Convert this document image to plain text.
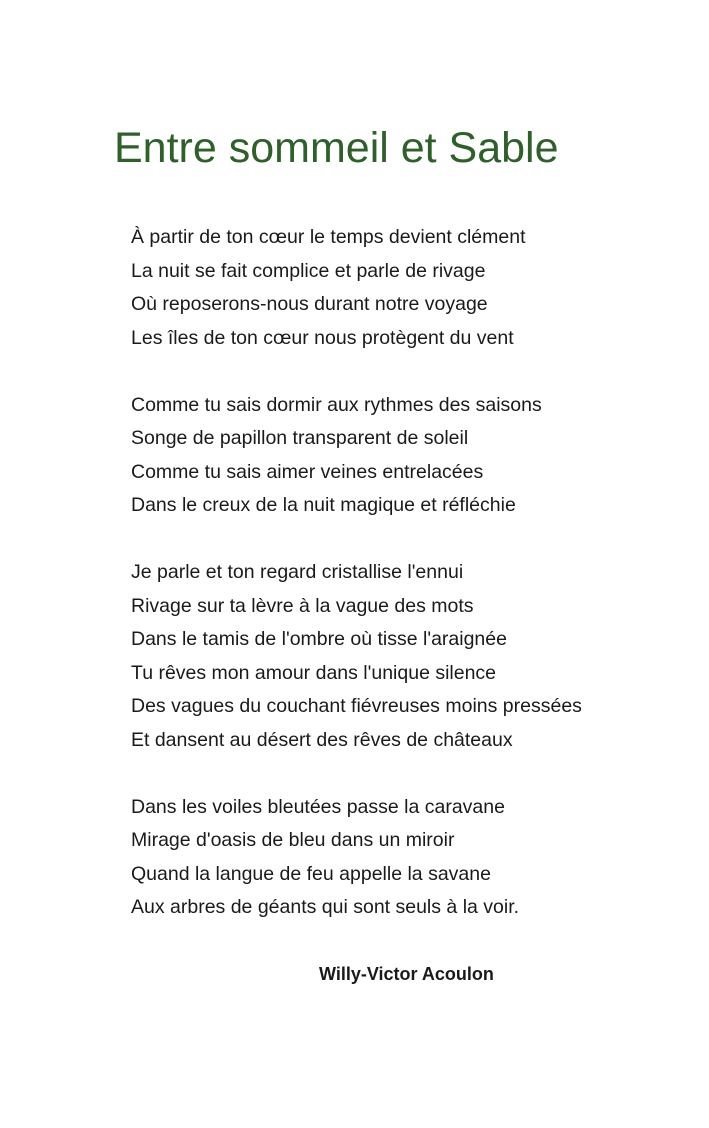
Entre sommeil et Sable
À partir de ton cœur le temps devient clément
La nuit se fait complice et parle de rivage
Où reposerons-nous durant notre voyage
Les îles de ton cœur nous protègent du vent
Comme tu sais dormir aux rythmes des saisons
Songe de papillon transparent de soleil
Comme tu sais aimer veines entrelacées
Dans le creux de la nuit magique et réfléchie
Je parle et ton regard cristallise l'ennui
Rivage sur ta lèvre à la vague des mots
Dans le tamis de l'ombre où tisse l'araignée
Tu rêves mon amour dans l'unique silence
Des vagues du couchant fiévreuses moins pressées
Et dansent au désert des rêves de châteaux
Dans les voiles bleutées passe la caravane
Mirage d'oasis de bleu dans un miroir
Quand la langue de feu appelle la savane
Aux arbres de géants qui sont seuls à la voir.
Willy-Victor Acoulon
